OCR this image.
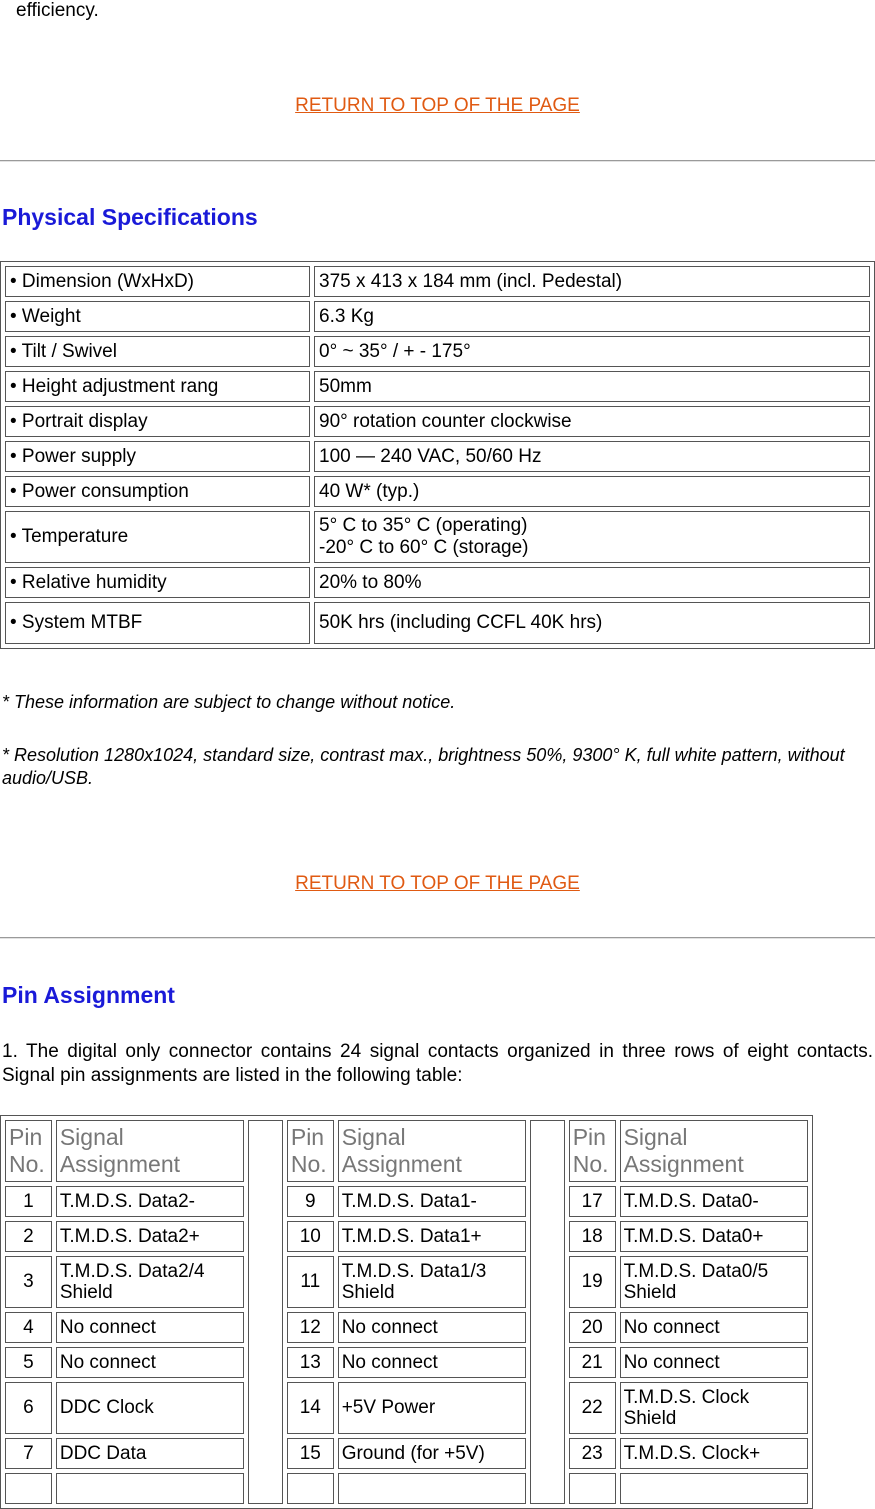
efficiency.
RETURN TO TOP OF THE PAGE
Physical Specifications
• Dimension (WxHxD)	375 x 413 x 184 mm (incl. Pedestal)
• Weight	6.3 Kg
• Tilt / Swivel	0° ~ 35° / + - 175°
• Height adjustment rang	50mm
• Portrait display	90° rotation counter clockwise
• Power supply	100 — 240 VAC, 50/60 Hz
• Power consumption	40 W* (typ.)
• Temperature	5° C to 35° C (operating)
-20° C to 60° C (storage)

• Relative humidity	20% to 80%
• System MTBF	50K hrs (including CCFL 40K hrs)
* These information are subject to change without notice.
* Resolution 1280x1024, standard size, contrast max., brightness 50%, 9300° K, full white pattern, without audio/USB.
RETURN TO TOP OF THE PAGE
Pin Assignment
1. The digital only connector contains 24 signal contacts organized in three rows of eight contacts. Signal pin assignments are listed in the following table:
Pin No.	Signal Assignment		Pin No.	Signal Assignment		Pin No.	Signal Assignment
1	T.M.D.S. Data2-		9	T.M.D.S. Data1-		17	T.M.D.S. Data0-
2	T.M.D.S. Data2+		10	T.M.D.S. Data1+		18	T.M.D.S. Data0+
3	T.M.D.S. Data2/4 Shield		11	T.M.D.S. Data1/3 Shield		19	T.M.D.S. Data0/5 Shield
4	No connect		12	No connect		20	No connect
5	No connect		13	No connect		21	No connect
6	DDC Clock		14	+5V Power		22	T.M.D.S. Clock Shield
7	DDC Data		15	Ground (for +5V)		23	T.M.D.S. Clock+
